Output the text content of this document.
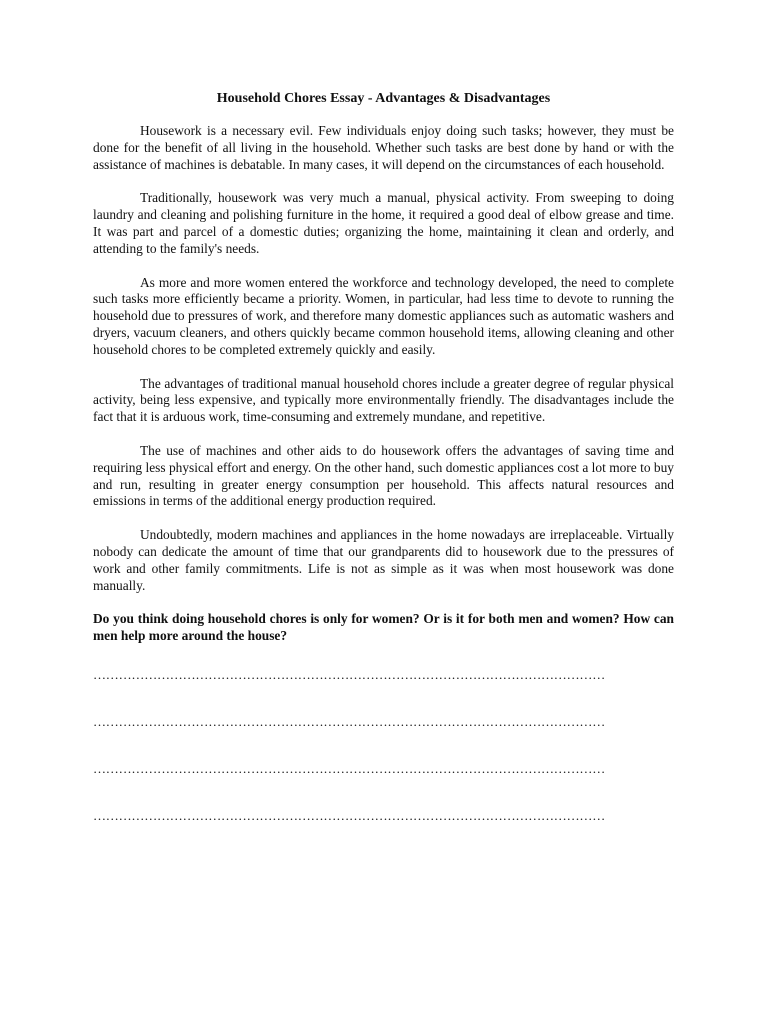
Household Chores Essay - Advantages & Disadvantages

Housework is a necessary evil. Few individuals enjoy doing such tasks; however, they must be done for the benefit of all living in the household. Whether such tasks are best done by hand or with the assistance of machines is debatable. In many cases, it will depend on the circumstances of each household.

Traditionally, housework was very much a manual, physical activity. From sweeping to doing laundry and cleaning and polishing furniture in the home, it required a good deal of elbow grease and time. It was part and parcel of a domestic duties; organizing the home, maintaining it clean and orderly, and attending to the family's needs.

As more and more women entered the workforce and technology developed, the need to complete such tasks more efficiently became a priority. Women, in particular, had less time to devote to running the household due to pressures of work, and therefore many domestic appliances such as automatic washers and dryers, vacuum cleaners, and others quickly became common household items, allowing cleaning and other household chores to be completed extremely quickly and easily.

The advantages of traditional manual household chores include a greater degree of regular physical activity, being less expensive, and typically more environmentally friendly. The disadvantages include the fact that it is arduous work, time-consuming and extremely mundane, and repetitive.

The use of machines and other aids to do housework offers the advantages of saving time and requiring less physical effort and energy. On the other hand, such domestic appliances cost a lot more to buy and run, resulting in greater energy consumption per household. This affects natural resources and emissions in terms of the additional energy production required.

Undoubtedly, modern machines and appliances in the home nowadays are irreplaceable. Virtually nobody can dedicate the amount of time that our grandparents did to housework due to the pressures of work and other family commitments. Life is not as simple as it was when most housework was done manually.

Do you think doing household chores is only for women? Or is it for both men and women? How can men help more around the house?

…………………………………………………………………………………………………………
…………………………………………………………………………………………………………
…………………………………………………………………………………………………………
…………………………………………………………………………………………………………
